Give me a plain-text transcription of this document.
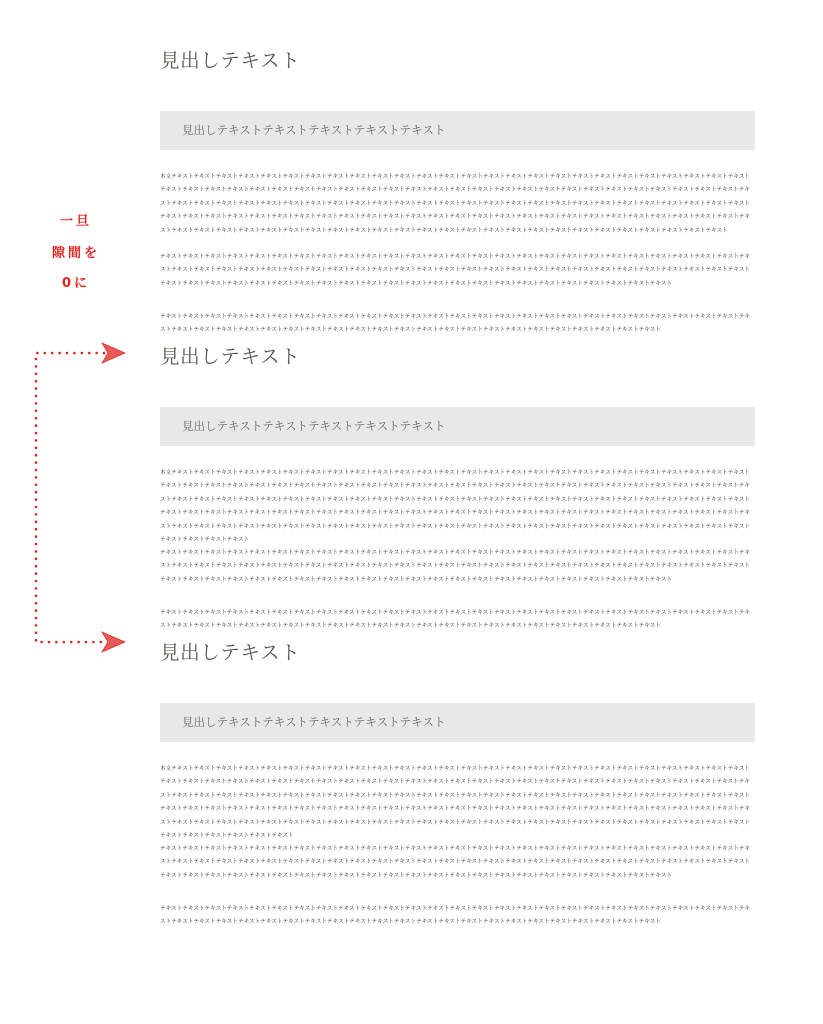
見出しテキスト
見出しテキストテキストテキストテキストテキスト

本文テキストテキストテキストテキストテキストテキストテキストテキストテキストテキストテキストテキストテキストテキストテキストテキストテキストテキストテキストテキストテキストテキストテキストテキストテキストテキストテキストテキストテキストテキストテキストテキストテキストテキストテキストテキストテキストテキストテキストテキストテキストテキストテキストテキストテキストテキストテキストテキストテキストテキストテキストテキストテキストテキストテキストテキストテキストテキストテキストテキストテキストテキストテキストテキストテキストテキストテキストテキストテキストテキストテキストテキストテキストテキストテキストテキストテキストテキストテキストテキストテキストテキストテキストテキストテキストテキストテキストテキストテキストテキストテキストテキストテキストテキストテキストテキストテキストテキストテキストテキストテキストテキストテキストテキストテキストテキストテキストテキストテキストテキストテキストテキストテキストテキストテキストテキストテキストテキストテキストテキストテキストテキストテキストテキストテキストテキストテキストテキストテキストテキストテキスト

テキストテキストテキストテキストテキストテキストテキストテキストテキストテキストテキストテキストテキストテキストテキストテキストテキストテキストテキストテキストテキストテキストテキストテキストテキストテキストテキストテキストテキストテキストテキストテキストテキストテキストテキストテキストテキストテキストテキストテキストテキストテキストテキストテキストテキストテキストテキストテキストテキストテキストテキストテキストテキストテキストテキストテキストテキストテキストテキストテキストテキストテキストテキストテキストテキストテキストテキストテキストテキストテキストテキストテキストテキストテキストテキストテキスト

テキストテキストテキストテキストテキストテキストテキストテキストテキストテキストテキストテキストテキストテキストテキストテキストテキストテキストテキストテキストテキストテキストテキストテキストテキストテキストテキストテキストテキストテキストテキストテキストテキストテキストテキストテキストテキストテキストテキストテキストテキストテキストテキストテキストテキストテキストテキストテキストテキスト

見出しテキスト
見出しテキストテキストテキストテキストテキスト

本文テキストテキストテキストテキストテキストテキストテキストテキストテキストテキストテキストテキストテキストテキストテキストテキストテキストテキストテキストテキストテキストテキストテキストテキストテキストテキストテキストテキストテキストテキストテキストテキストテキストテキストテキストテキストテキストテキストテキストテキストテキストテキストテキストテキストテキストテキストテキストテキストテキストテキストテキストテキストテキストテキストテキストテキストテキストテキストテキストテキストテキストテキストテキストテキストテキストテキストテキストテキストテキストテキストテキストテキストテキストテキストテキストテキストテキストテキストテキストテキストテキストテキストテキストテキストテキストテキストテキストテキストテキストテキストテキストテキストテキストテキストテキストテキストテキストテキストテキストテキストテキストテキストテキストテキストテキストテキストテキストテキストテキストテキストテキストテキストテキストテキストテキストテキストテキストテキストテキストテキストテキストテキストテキストテキストテキストテキストテキストテキストテキストテキストテキストテキストテキストテキストテキストテキスト

テキストテキストテキストテキストテキストテキストテキストテキストテキストテキストテキストテキストテキストテキストテキストテキストテキストテキストテキストテキストテキストテキストテキストテキストテキストテキストテキストテキストテキストテキストテキストテキストテキストテキストテキストテキストテキストテキストテキストテキストテキストテキストテキストテキストテキストテキストテキストテキストテキストテキストテキストテキストテキストテキストテキストテキストテキストテキストテキストテキストテキストテキストテキストテキストテキストテキストテキストテキストテキストテキストテキストテキストテキストテキストテキストテキスト

テキストテキストテキストテキストテキストテキストテキストテキストテキストテキストテキストテキストテキストテキストテキストテキストテキストテキストテキストテキストテキストテキストテキストテキストテキストテキストテキストテキストテキストテキストテキストテキストテキストテキストテキストテキストテキストテキストテキストテキストテキストテキストテキストテキストテキストテキストテキストテキストテキスト

見出しテキスト
見出しテキストテキストテキストテキストテキスト

本文テキストテキストテキストテキストテキストテキストテキストテキストテキストテキストテキストテキストテキストテキストテキストテキストテキストテキストテキストテキストテキストテキストテキストテキストテキストテキストテキストテキストテキストテキストテキストテキストテキストテキストテキストテキストテキストテキストテキストテキストテキストテキストテキストテキストテキストテキストテキストテキストテキストテキストテキストテキストテキストテキストテキストテキストテキストテキストテキストテキストテキストテキストテキストテキストテキストテキストテキストテキストテキストテキストテキストテキストテキストテキストテキストテキストテキストテキストテキストテキストテキストテキストテキストテキストテキストテキストテキストテキストテキストテキストテキストテキストテキストテキストテキストテキストテキストテキストテキストテキストテキストテキストテキストテキストテキストテキストテキストテキストテキストテキストテキストテキストテキストテキストテキストテキストテキストテキストテキストテキストテキストテキストテキストテキストテキストテキストテキストテキストテキストテキストテキストテキストテキストテキストテキストテキストテキストテキスト

テキストテキストテキストテキストテキストテキストテキストテキストテキストテキストテキストテキストテキストテキストテキストテキストテキストテキストテキストテキストテキストテキストテキストテキストテキストテキストテキストテキストテキストテキストテキストテキストテキストテキストテキストテキストテキストテキストテキストテキストテキストテキストテキストテキストテキストテキストテキストテキストテキストテキストテキストテキストテキストテキストテキストテキストテキストテキストテキストテキストテキストテキストテキストテキストテキストテキストテキストテキストテキストテキストテキストテキストテキストテキストテキストテキスト

テキストテキストテキストテキストテキストテキストテキストテキストテキストテキストテキストテキストテキストテキストテキストテキストテキストテキストテキストテキストテキストテキストテキストテキストテキストテキストテキストテキストテキストテキストテキストテキストテキストテキストテキストテキストテキストテキストテキストテキストテキストテキストテキストテキストテキストテキストテキストテキストテキスト

一旦
隙間を
0に
